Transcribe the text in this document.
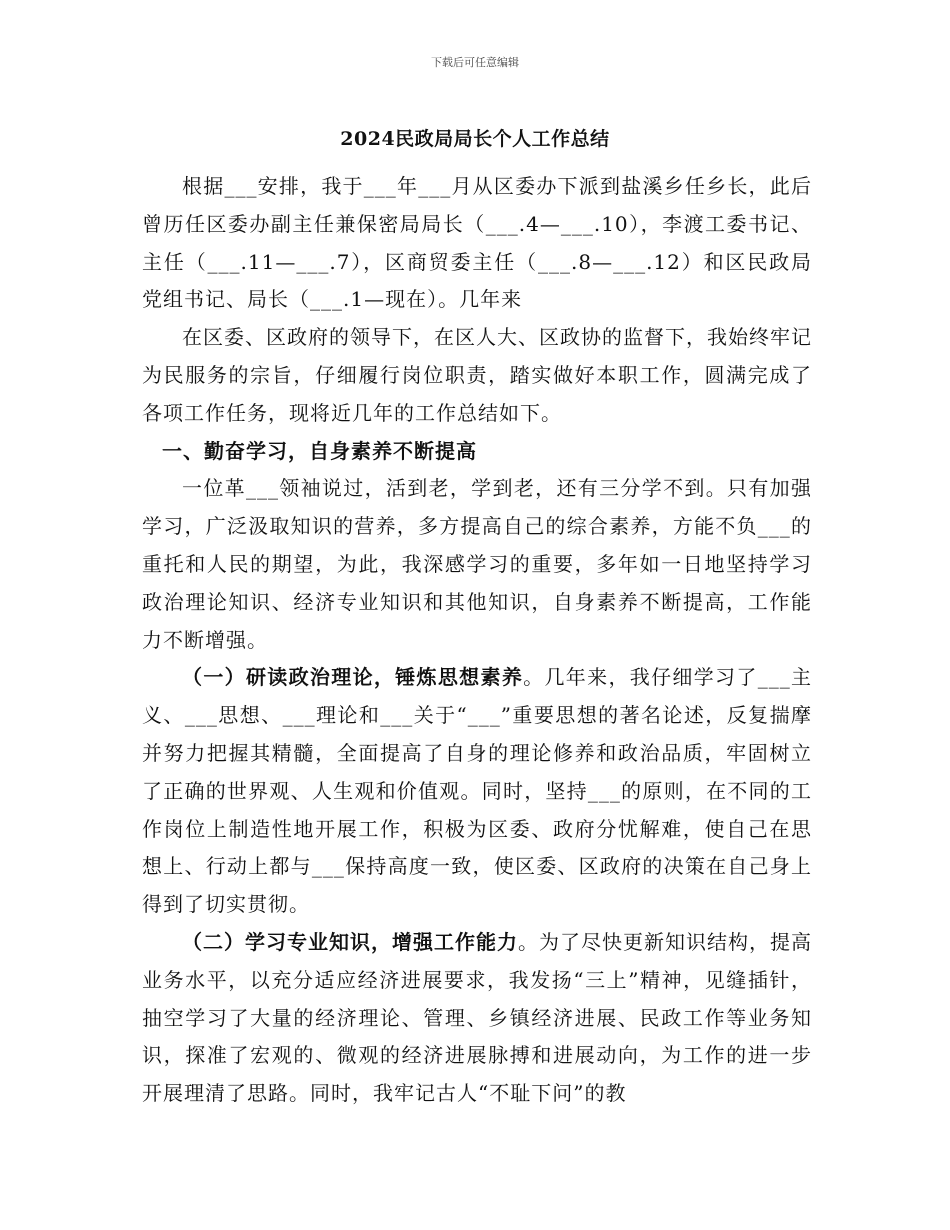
下载后可任意编辑
2024民政局局长个人工作总结

根据___安排，我于___年___月从区委办下派到盐溪乡任乡长，此后曾历任区委办副主任兼保密局局长（___.4—___.10），李渡工委书记、主任（___.11—___.7），区商贸委主任（___.8—___.12）和区民政局党组书记、局长（___.1—现在）。几年来

在区委、区政府的领导下，在区人大、区政协的监督下，我始终牢记为民服务的宗旨，仔细履行岗位职责，踏实做好本职工作，圆满完成了各项工作任务，现将近几年的工作总结如下。

一、勤奋学习，自身素养不断提高

一位革___领袖说过，活到老，学到老，还有三分学不到。只有加强学习，广泛汲取知识的营养，多方提高自己的综合素养，方能不负___的重托和人民的期望，为此，我深感学习的重要，多年如一日地坚持学习政治理论知识、经济专业知识和其他知识，自身素养不断提高，工作能力不断增强。

（一）研读政治理论，锤炼思想素养。几年来，我仔细学习了___主义、___思想、___理论和___关于“___”重要思想的著名论述，反复揣摩并努力把握其精髓，全面提高了自身的理论修养和政治品质，牢固树立了正确的世界观、人生观和价值观。同时，坚持___的原则，在不同的工作岗位上制造性地开展工作，积极为区委、政府分忧解难，使自己在思想上、行动上都与___保持高度一致，使区委、区政府的决策在自己身上得到了切实贯彻。

（二）学习专业知识，增强工作能力。为了尽快更新知识结构，提高业务水平，以充分适应经济进展要求，我发扬“三上”精神，见缝插针，抽空学习了大量的经济理论、管理、乡镇经济进展、民政工作等业务知识，探准了宏观的、微观的经济进展脉搏和进展动向，为工作的进一步开展理清了思路。同时，我牢记古人“不耻下问”的教
